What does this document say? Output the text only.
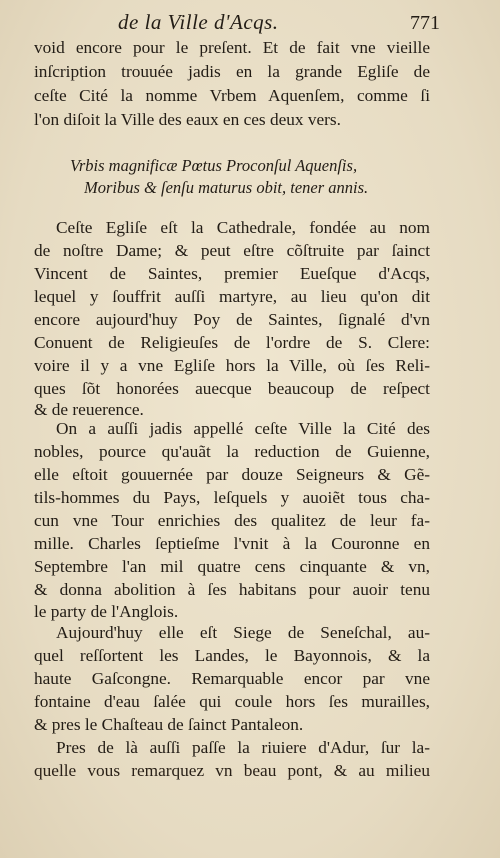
de la Ville d'Acqs.	771
void encore pour le preſent. Et de fait vne vieille
inſcription trouuée jadis en la grande Egliſe de
ceſte Cité la nomme Vrbem Aquenſem, comme ſi
l'on diſoit la Ville des eaux en ces deux vers.
Vrbis magnificæ Pœtus Proconſul Aquenſis,
Moribus & ſenſu maturus obit, tener annis.
Ceſte Egliſe eſt la Cathedrale, fondée au nom
de noſtre Dame; & peut eſtre cõſtruite par ſainct
Vincent de Saintes, premier Eueſque d'Acqs,
lequel y ſouffrit auſſi martyre, au lieu qu'on dit
encore aujourd'huy Poy de Saintes, ſignalé d'vn
Conuent de Religieuſes de l'ordre de S. Clere:
voire il y a vne Egliſe hors la Ville, où ſes Reli-
ques ſõt honorées auecque beaucoup de reſpect
& de reuerence.
On a auſſi jadis appellé ceſte Ville la Cité des
nobles, pource qu'auãt la reduction de Guienne,
elle eſtoit gouuernée par douze Seigneurs & Gẽ-
tils-hommes du Pays, leſquels y auoiẽt tous cha-
cun vne Tour enrichies des qualitez de leur fa-
mille. Charles ſeptieſme l'vnit à la Couronne en
Septembre l'an mil quatre cens cinquante & vn,
& donna abolition à ſes habitans pour auoir tenu
le party de l'Anglois.
Aujourd'huy elle eſt Siege de Seneſchal, au-
quel reſſortent les Landes, le Bayonnois, & la
haute Gaſcongne. Remarquable encor par vne
fontaine d'eau ſalée qui coule hors ſes murailles,
& pres le Chaſteau de ſainct Pantaleon.
Pres de là auſſi paſſe la riuiere d'Adur, ſur la-
quelle vous remarquez vn beau pont, & au milieu
